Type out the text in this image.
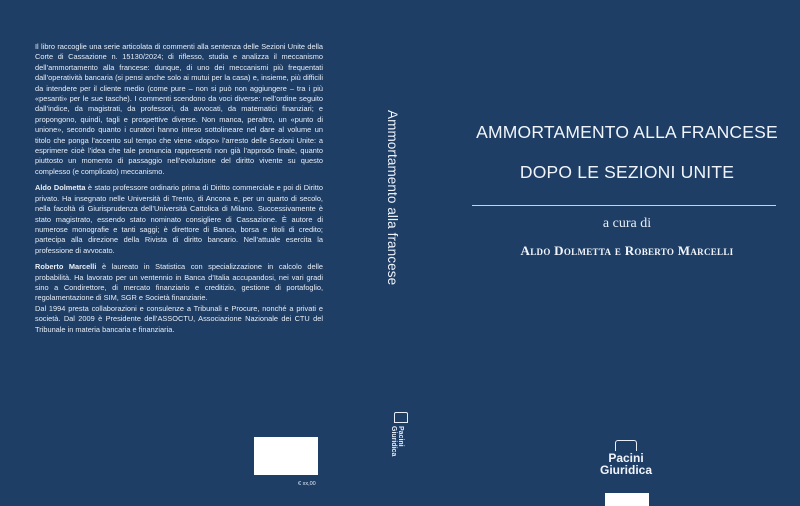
Il libro raccoglie una serie articolata di commenti alla sentenza delle Sezioni Unite della Corte di Cassazione n. 15130/2024; di riflesso, studia e analizza il meccanismo dell’ammortamento alla francese: dunque, di uno dei meccanismi più frequentati dall’operatività bancaria (si pensi anche solo ai mutui per la casa) e, insieme, più difficili da intendere per il cliente medio (come pure – non si può non aggiungere – tra i più «pesanti» per le sue tasche). I commenti scendono da voci diverse: nell’ordine seguito dall’indice, da magistrati, da professori, da avvocati, da matematici finanziari; e propongono, quindi, tagli e prospettive diverse. Non manca, peraltro, un «punto di unione», secondo quanto i curatori hanno inteso sottolineare nel dare al volume un titolo che ponga l’accento sul tempo che viene «dopo» l’arresto delle Sezioni Unite: a esprimere cioè l’idea che tale pronuncia rappresenti non già l’approdo finale, quanto piuttosto un momento di passaggio nell’evoluzione del diritto vivente su questo complesso (e complicato) meccanismo.

Aldo Dolmetta è stato professore ordinario prima di Diritto commerciale e poi di Diritto privato. Ha insegnato nelle Università di Trento, di Ancona e, per un quarto di secolo, nella facoltà di Giurisprudenza dell’Università Cattolica di Milano. Successivamente è stato magistrato, essendo stato nominato consigliere di Cassazione. È autore di numerose monografie e tanti saggi; è direttore di Banca, borsa e titoli di credito; partecipa alla direzione della Rivista di diritto bancario. Nell’attuale esercita la professione di avvocato.

Roberto Marcelli è laureato in Statistica con specializzazione in calcolo delle probabilità. Ha lavorato per un ventennio in Banca d’Italia accupandosi, nei vari gradi sino a Condirettore, di mercato finanziario e creditizio, gestione di portafoglio, regolamentazione di SIM, SGR e Società finanziarie.

Dal 1994 presta collaborazioni e consulenze a Tribunali e Procure, nonché a privati e società. Dal 2009 è Presidente dell’ASSOCTU, Associazione Nazionale dei CTU del Tribunale in materia bancaria e finanziaria.

€ xx,00
Ammortamento alla francese
Pacini
Giuridica
AMMORTAMENTO ALLA FRANCESE
DOPO LE SEZIONI UNITE
a cura di
Aldo Dolmetta e Roberto Marcelli
Pacini
Giuridica
